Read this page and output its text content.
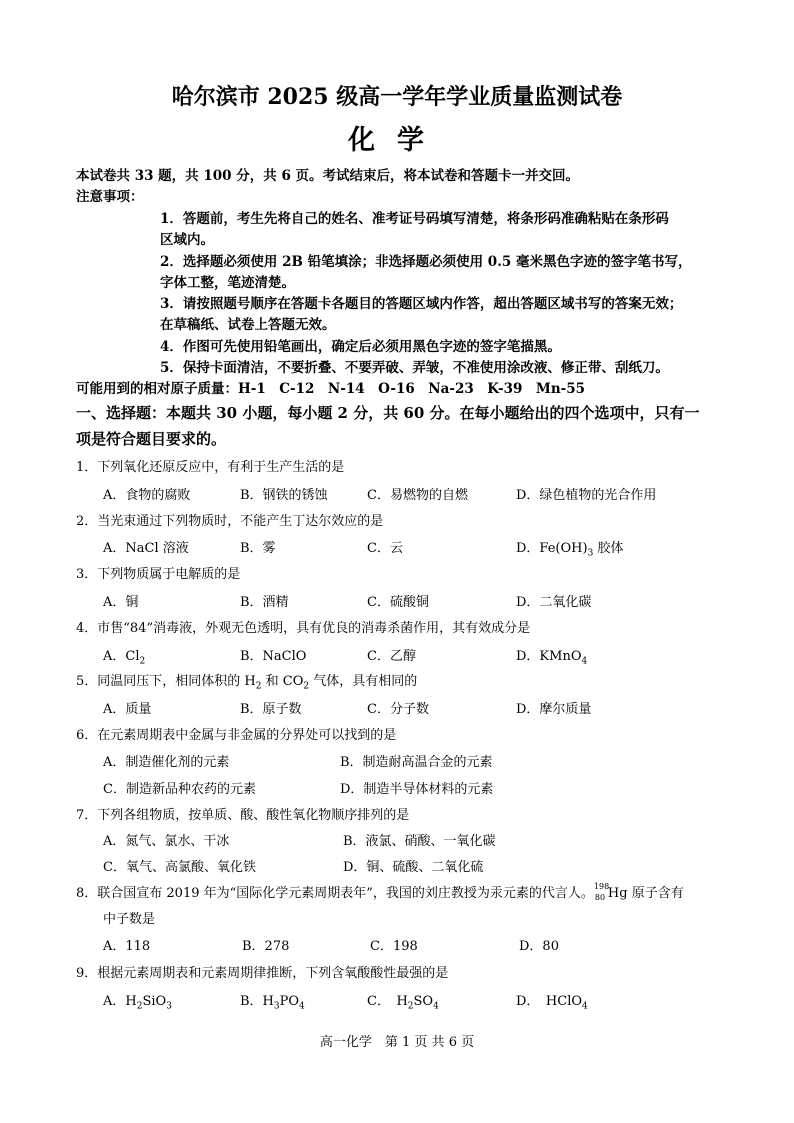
哈尔滨市 2025 级高一学年学业质量监测试卷
化学
本试卷共 33 题，共 100 分，共 6 页。考试结束后，将本试卷和答题卡一并交回。
注意事项：
1．答题前，考生先将自己的姓名、准考证号码填写清楚，将条形码准确粘贴在条形码
区域内。
2．选择题必须使用 2B 铅笔填涂；非选择题必须使用 0.5 毫米黑色字迹的签字笔书写，
字体工整，笔迹清楚。
3．请按照题号顺序在答题卡各题目的答题区域内作答，超出答题区域书写的答案无效；
在草稿纸、试卷上答题无效。
4．作图可先使用铅笔画出，确定后必须用黑色字迹的签字笔描黑。
5．保持卡面清洁，不要折叠、不要弄破、弄皱，不准使用涂改液、修正带、刮纸刀。
可能用到的相对原子质量：H-1　C-12　N-14　O-16　Na-23　K-39　Mn-55
一、选择题：本题共 30 小题，每小题 2 分，共 60 分。在每小题给出的四个选项中，只有一
项是符合题目要求的。
1．下列氧化还原反应中，有利于生产生活的是
A．食物的腐败	B．钢铁的锈蚀	C．易燃物的自燃	D．绿色植物的光合作用
2．当光束通过下列物质时，不能产生丁达尔效应的是
A．NaCl 溶液	B．雾	C．云	D．$Fe(OH)_3$ 胶体
3．下列物质属于电解质的是
A．铜	B．酒精	C．硫酸铜	D．二氧化碳
4．市售“84”消毒液，外观无色透明，具有优良的消毒杀菌作用，其有效成分是
A．$Cl_2$	B．NaClO	C．乙醇	D．KMnO$_4$
5．同温同压下，相同体积的 $H_2$ 和 $CO_2$ 气体，具有相同的
A．质量	B．原子数	C．分子数	D．摩尔质量
6．在元素周期表中金属与非金属的分界处可以找到的是
A．制造催化剂的元素	B．制造耐高温合金的元素
C．制造新品种农药的元素	D．制造半导体材料的元素
7．下列各组物质，按单质、酸、酸性氧化物顺序排列的是
A．氮气、氯水、干冰	B．液氯、硝酸、一氧化碳
C．氧气、高氯酸、氧化铁	D．铜、硫酸、二氧化硫
8．联合国宣布 2019 年为“国际化学元素周期表年”，我国的刘庄教授为汞元素的代言人。 198
80 Hg 原子含有
中子数是
A．118	B．278	C．198	D．80
9．根据元素周期表和元素周期律推断，下列含氧酸酸性最强的是
A．$H_2SiO_3$	B．$H_3PO_4$	C．　$H_2SO_4$	D．　HClO$_4$
高一化学　第 1 页 共 6 页
